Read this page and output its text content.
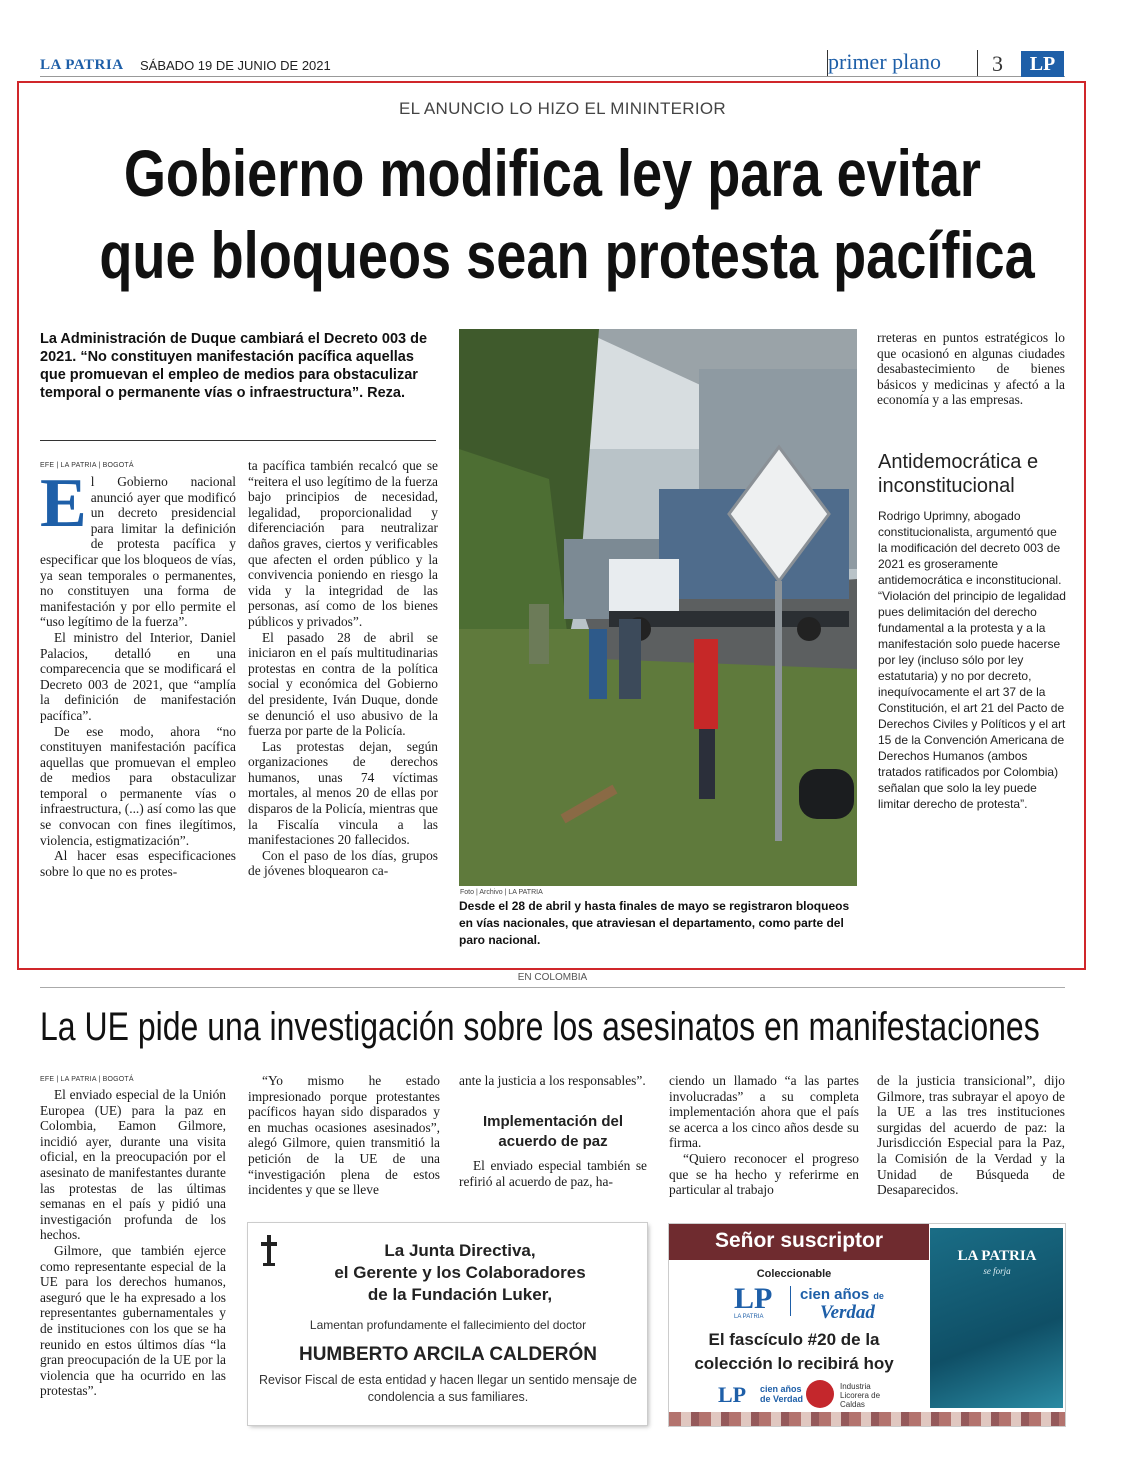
LA PATRIA SÁBADO 19 DE JUNIO DE 2021	primer plano 3	LP
EL ANUNCIO LO HIZO EL MININTERIOR
Gobierno modifica ley para evitar
que bloqueos sean protesta pacífica
La Administración de Duque cambiará el Decreto 003 de 2021. “No constituyen manifestación pacífica aquellas que promuevan el empleo de medios para obstaculizar temporal o permanente vías o infraestructura”. Reza.
EFE | LA PATRIA | BOGOTÁ
E l Gobierno nacional anunció ayer que modificó un decreto presidencial para limitar la definición de protesta pacífica y especificar que los bloqueos de vías, ya sean temporales o permanentes, no constituyen una forma de manifestación y por ello permite el “uso legítimo de la fuerza”.

El ministro del Interior, Daniel Palacios, detalló en una comparecencia que se modificará el Decreto 003 de 2021, que “amplía la definición de manifestación pacífica”.

De ese modo, ahora “no constituyen manifestación pacífica aquellas que promuevan el empleo de medios para obstaculizar temporal o permanente vías o infraestructura, (...) así como las que se convocan con fines ilegítimos, violencia, estigmatización”.

Al hacer esas especificaciones sobre lo que no es protes-

ta pacífica también recalcó que se “reitera el uso legítimo de la fuerza bajo principios de necesidad, legalidad, proporcionalidad y diferenciación para neutralizar daños graves, ciertos y verificables que afecten el orden público y la convivencia poniendo en riesgo la vida y la integridad de las personas, así como de los bienes públicos y privados”.

El pasado 28 de abril se iniciaron en el país multitudinarias protestas en contra de la política social y económica del Gobierno del presidente, Iván Duque, donde se denunció el uso abusivo de la fuerza por parte de la Policía.

Las protestas dejan, según organizaciones de derechos humanos, unas 74 víctimas mortales, al menos 20 de ellas por disparos de la Policía, mientras que la Fiscalía vincula a las manifestaciones 20 fallecidos.

Con el paso de los días, grupos de jóvenes bloquearon ca-

Foto | Archivo | LA PATRIA
Desde el 28 de abril y hasta finales de mayo se registraron bloqueos en vías nacionales, que atraviesan el departamento, como parte del paro nacional.

rreteras en puntos estratégicos lo que ocasionó en algunas ciudades desabastecimiento de bienes básicos y medicinas y afectó a la economía y a las empresas.

Antidemocrática e inconstitucional

Rodrigo Uprimny, abogado constitucionalista, argumentó que la modificación del decreto 003 de 2021 es groseramente antidemocrática e inconstitucional. “Violación del principio de legalidad pues delimitación del derecho fundamental a la protesta y a la manifestación solo puede hacerse por ley (incluso sólo por ley estatutaria) y no por decreto, inequívocamente el art 37 de la Constitución, el art 21 del Pacto de Derechos Civiles y Políticos y el art 15 de la Convención Americana de Derechos Humanos (ambos tratados ratificados por Colombia) señalan que solo la ley puede limitar derecho de protesta”.

EN COLOMBIA
La UE pide una investigación sobre los asesinatos en manifestaciones
EFE | LA PATRIA | BOGOTÁ

El enviado especial de la Unión Europea (UE) para la paz en Colombia, Eamon Gilmore, incidió ayer, durante una visita oficial, en la preocupación por el asesinato de manifestantes durante las protestas de las últimas semanas en el país y pidió una investigación profunda de los hechos.

Gilmore, que también ejerce como representante especial de la UE para los derechos humanos, aseguró que le ha expresado a los representantes gubernamentales y de instituciones con los que se ha reunido en estos últimos días “la gran preocupación de la UE por la violencia que ha ocurrido en las protestas”.

“Yo mismo he estado impresionado porque protestantes pacíficos hayan sido disparados y en muchas ocasiones asesinados”, alegó Gilmore, quien transmitió la petición de la UE de una “investigación plena de estos incidentes y que se lleve

ante la justicia a los responsables”.

Implementación del acuerdo de paz

El enviado especial también se refirió al acuerdo de paz, ha-

ciendo un llamado “a las partes involucradas” a su completa implementación ahora que el país se acerca a los cinco años desde su firma.

“Quiero reconocer el progreso que se ha hecho y referirme en particular al trabajo

de la justicia transicional”, dijo Gilmore, tras subrayar el apoyo de la UE a las tres instituciones surgidas del acuerdo de paz: la Jurisdicción Especial para la Paz, la Comisión de la Verdad y la Unidad de Búsqueda de Desaparecidos.

La Junta Directiva,
el Gerente y los Colaboradores
de la Fundación Luker,
Lamentan profundamente el fallecimiento del doctor
HUMBERTO ARCILA CALDERÓN
Revisor Fiscal de esta entidad y hacen llegar un sentido mensaje de condolencia a sus familiares.
Señor suscriptor
Coleccionable
LP
LA PATRIA
cien años de
Verdad
El fascículo #20 de la colección lo recibirá hoy
LP cien años de Verdad
Industria Licorera de Caldas
LA PATRIA
se forja
